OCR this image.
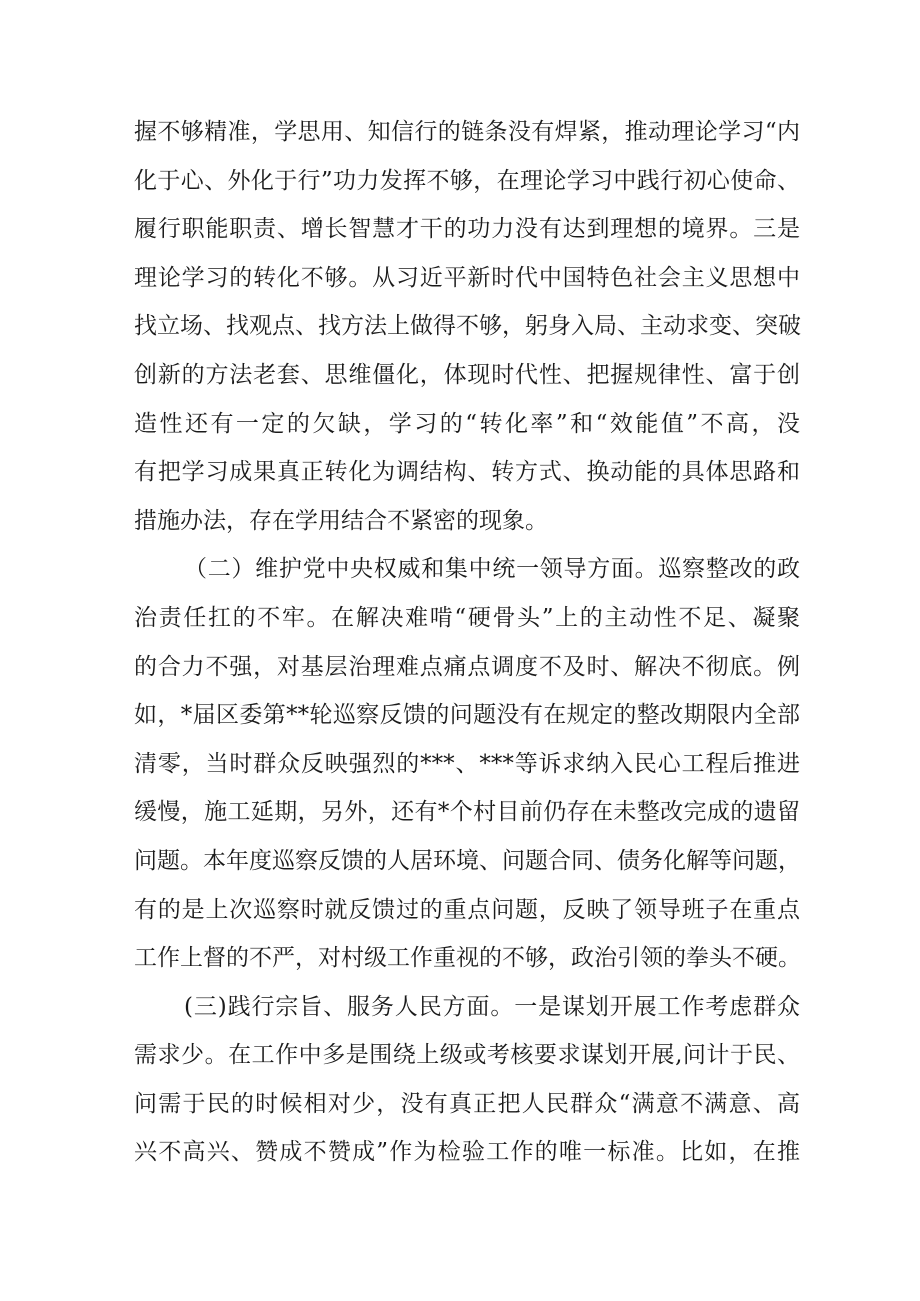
握不够精准，学思用、知信行的链条没有焊紧，推动理论学习“内
化于心、外化于行”功力发挥不够，在理论学习中践行初心使命、
履行职能职责、增长智慧才干的功力没有达到理想的境界。三是
理论学习的转化不够。从习近平新时代中国特色社会主义思想中
找立场、找观点、找方法上做得不够，躬身入局、主动求变、突破
创新的方法老套、思维僵化，体现时代性、把握规律性、富于创
造性还有一定的欠缺，学习的“转化率”和“效能值”不高，没
有把学习成果真正转化为调结构、转方式、换动能的具体思路和
措施办法，存在学用结合不紧密的现象。
（二）维护党中央权威和集中统一领导方面。巡察整改的政
治责任扛的不牢。在解决难啃“硬骨头”上的主动性不足、凝聚
的合力不强，对基层治理难点痛点调度不及时、解决不彻底。例
如，*届区委第**轮巡察反馈的问题没有在规定的整改期限内全部
清零，当时群众反映强烈的***、***等诉求纳入民心工程后推进
缓慢，施工延期，另外，还有*个村目前仍存在未整改完成的遗留
问题。本年度巡察反馈的人居环境、问题合同、债务化解等问题，
有的是上次巡察时就反馈过的重点问题，反映了领导班子在重点
工作上督的不严，对村级工作重视的不够，政治引领的拳头不硬。
(三)践行宗旨、服务人民方面。一是谋划开展工作考虑群众
需求少。在工作中多是围绕上级或考核要求谋划开展,问计于民、
问需于民的时候相对少，没有真正把人民群众“满意不满意、高
兴不高兴、赞成不赞成”作为检验工作的唯一标准。比如，在推
